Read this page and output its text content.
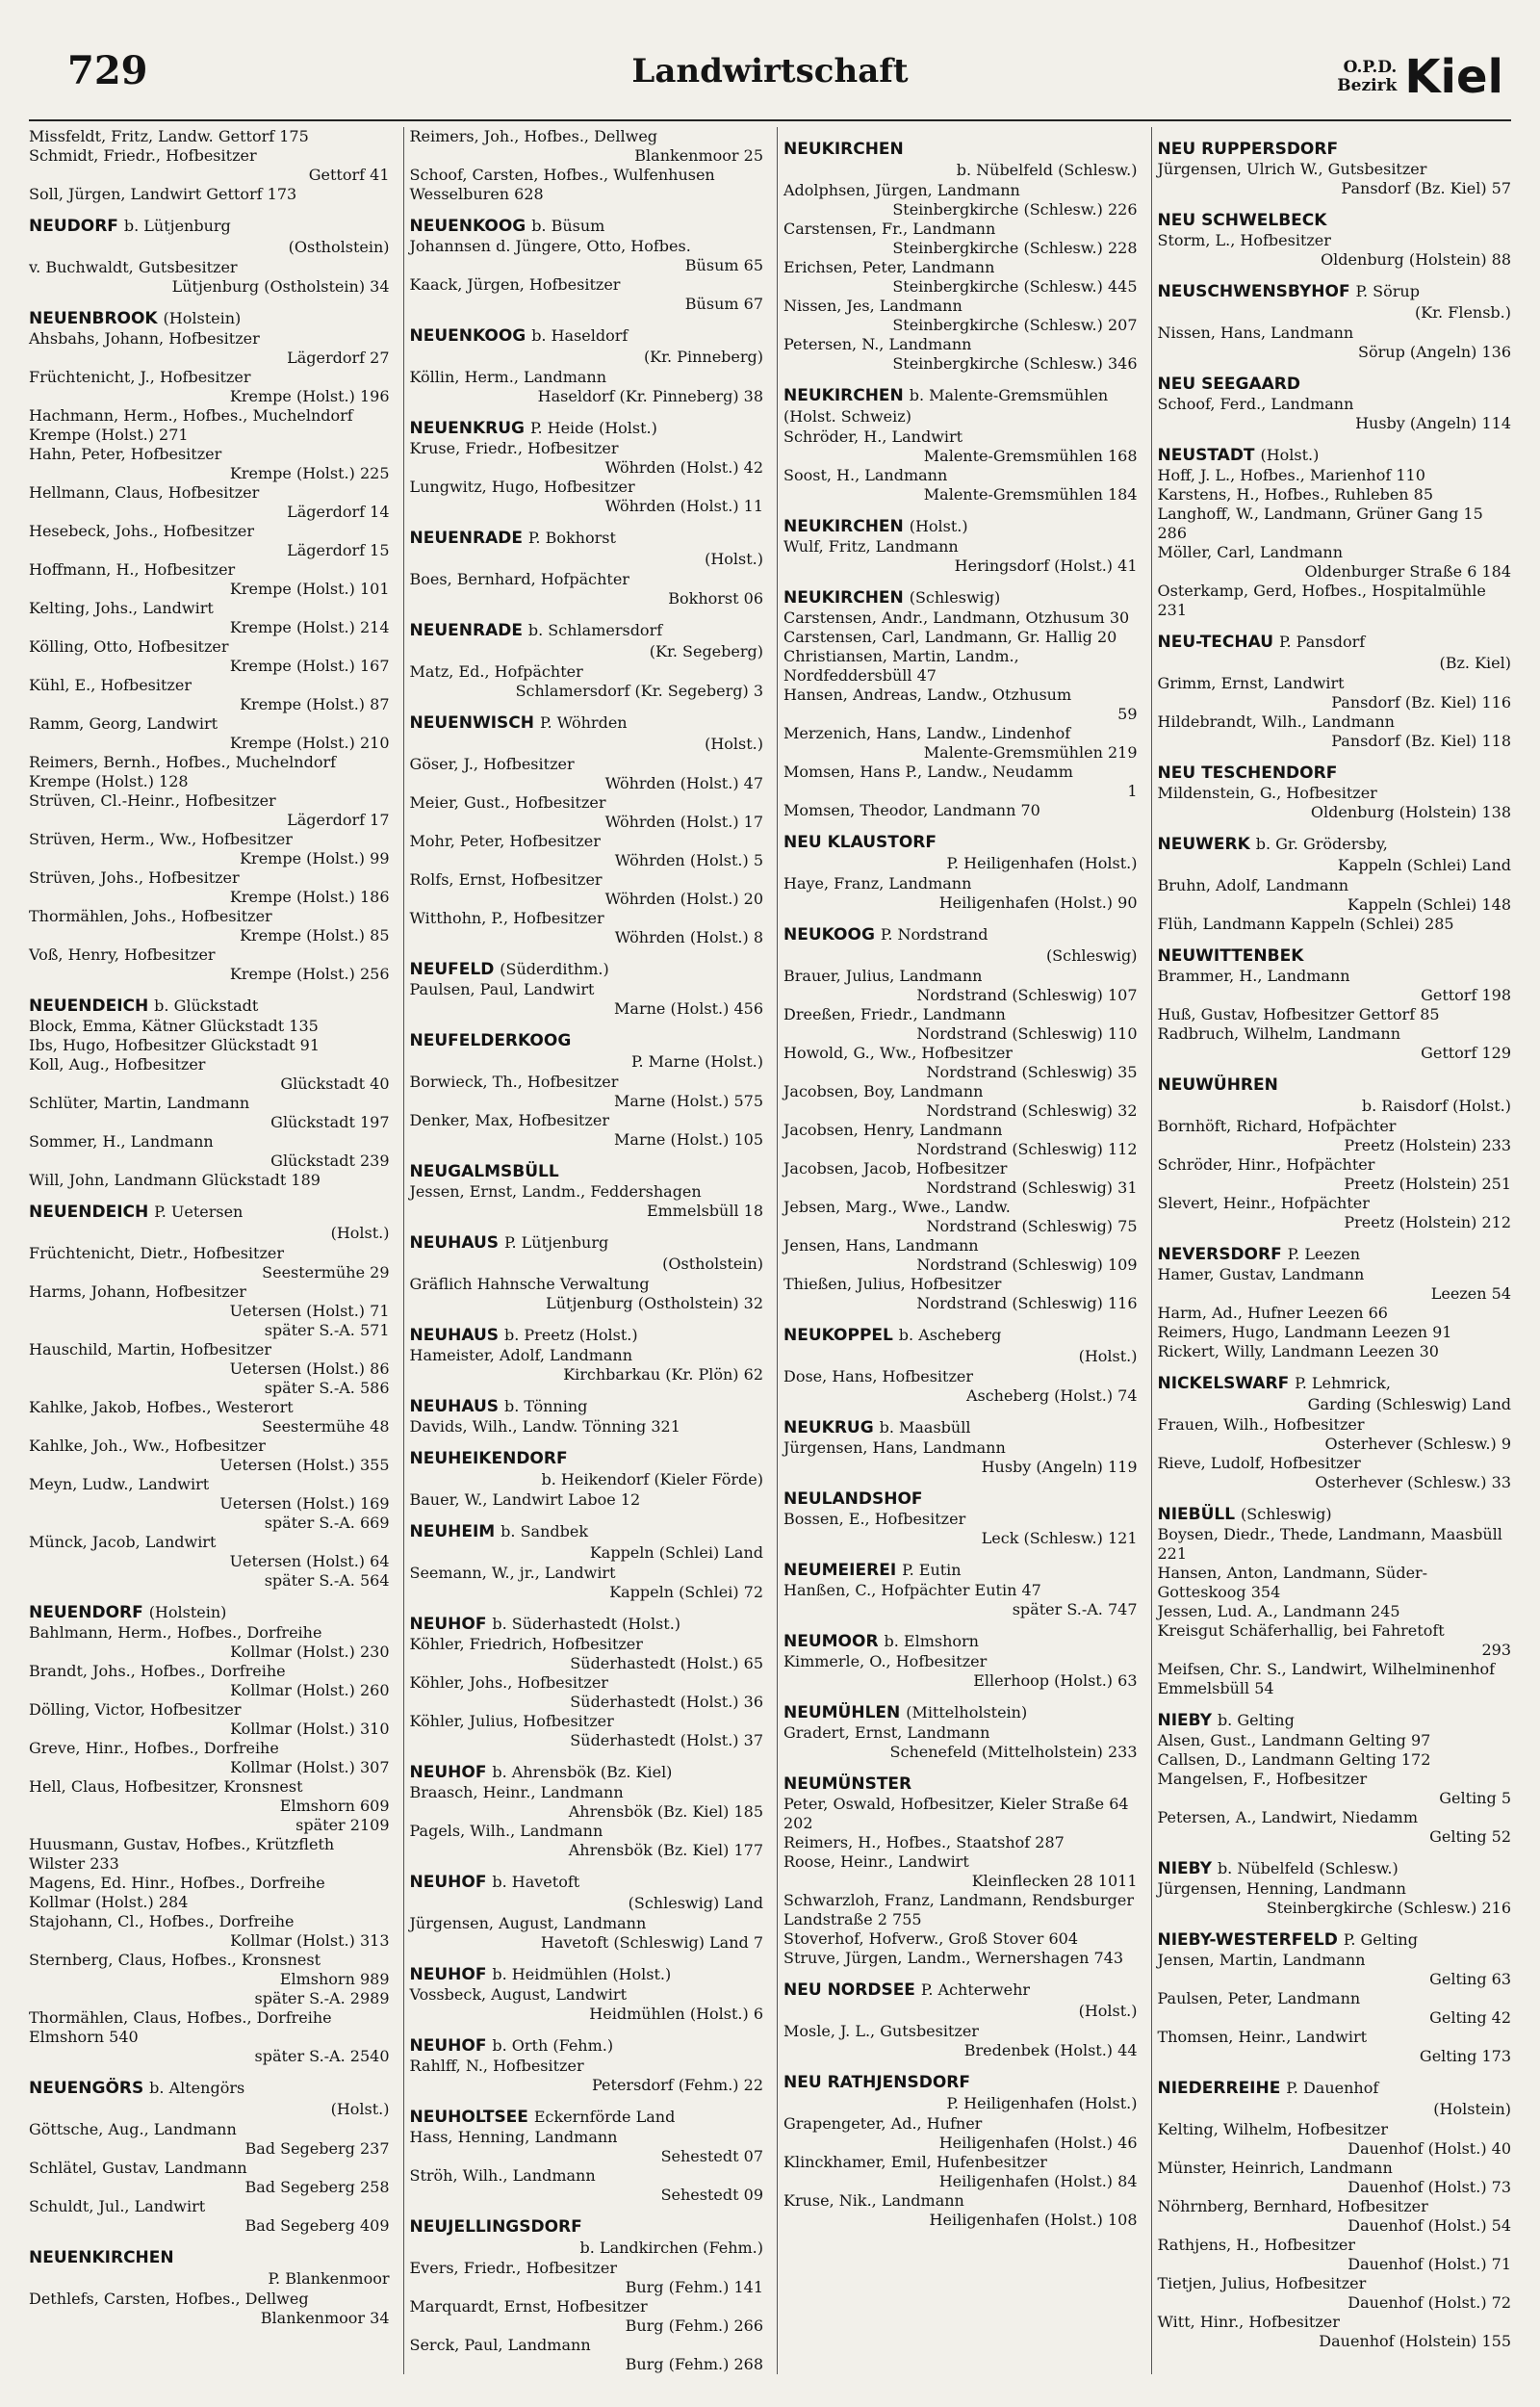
729	Landwirtschaft	O.P.D.
Bezirk Kiel
Missfeldt, Fritz, Landw. Gettorf 175
Schmidt, Friedr., Hofbesitzer
Gettorf 41
Soll, Jürgen, Landwirt Gettorf 173
NEUDORF b. Lütjenburg
(Ostholstein)
v. Buchwaldt, Gutsbesitzer
Lütjenburg (Ostholstein) 34
NEUENBROOK (Holstein)
Ahsbahs, Johann, Hofbesitzer
Lägerdorf 27
Früchtenicht, J., Hofbesitzer
Krempe (Holst.) 196
Hachmann, Herm., Hofbes., Muchelndorf Krempe (Holst.) 271
Hahn, Peter, Hofbesitzer
Krempe (Holst.) 225
Hellmann, Claus, Hofbesitzer
Lägerdorf 14
Hesebeck, Johs., Hofbesitzer
Lägerdorf 15
Hoffmann, H., Hofbesitzer
Krempe (Holst.) 101
Kelting, Johs., Landwirt
Krempe (Holst.) 214
Kölling, Otto, Hofbesitzer
Krempe (Holst.) 167
Kühl, E., Hofbesitzer
Krempe (Holst.) 87
Ramm, Georg, Landwirt
Krempe (Holst.) 210
Reimers, Bernh., Hofbes., Muchelndorf Krempe (Holst.) 128
Strüven, Cl.-Heinr., Hofbesitzer
Lägerdorf 17
Strüven, Herm., Ww., Hofbesitzer
Krempe (Holst.) 99
Strüven, Johs., Hofbesitzer
Krempe (Holst.) 186
Thormählen, Johs., Hofbesitzer
Krempe (Holst.) 85
Voß, Henry, Hofbesitzer
Krempe (Holst.) 256
NEUENDEICH b. Glückstadt
Block, Emma, Kätner Glückstadt 135
Ibs, Hugo, Hofbesitzer Glückstadt 91
Koll, Aug., Hofbesitzer
Glückstadt 40
Schlüter, Martin, Landmann
Glückstadt 197
Sommer, H., Landmann
Glückstadt 239
Will, John, Landmann Glückstadt 189
NEUENDEICH P. Uetersen
(Holst.)
Früchtenicht, Dietr., Hofbesitzer
Seestermühe 29
Harms, Johann, Hofbesitzer
Uetersen (Holst.) 71
später S.-A. 571
Hauschild, Martin, Hofbesitzer
Uetersen (Holst.) 86
später S.-A. 586
Kahlke, Jakob, Hofbes., Westerort
Seestermühe 48
Kahlke, Joh., Ww., Hofbesitzer
Uetersen (Holst.) 355
Meyn, Ludw., Landwirt
Uetersen (Holst.) 169
später S.-A. 669
Münck, Jacob, Landwirt
Uetersen (Holst.) 64
später S.-A. 564
NEUENDORF (Holstein)
Bahlmann, Herm., Hofbes., Dorfreihe
Kollmar (Holst.) 230
Brandt, Johs., Hofbes., Dorfreihe
Kollmar (Holst.) 260
Dölling, Victor, Hofbesitzer
Kollmar (Holst.) 310
Greve, Hinr., Hofbes., Dorfreihe
Kollmar (Holst.) 307
Hell, Claus, Hofbesitzer, Kronsnest
Elmshorn 609
später 2109
Huusmann, Gustav, Hofbes., Krützfleth Wilster 233
Magens, Ed. Hinr., Hofbes., Dorfreihe Kollmar (Holst.) 284
Stajohann, Cl., Hofbes., Dorfreihe
Kollmar (Holst.) 313
Sternberg, Claus, Hofbes., Kronsnest
Elmshorn 989
später S.-A. 2989
Thormählen, Claus, Hofbes., Dorfreihe Elmshorn 540
später S.-A. 2540
NEUENGÖRS b. Altengörs
(Holst.)
Göttsche, Aug., Landmann
Bad Segeberg 237
Schlätel, Gustav, Landmann
Bad Segeberg 258
Schuldt, Jul., Landwirt
Bad Segeberg 409
NEUENKIRCHEN
P. Blankenmoor
Dethlefs, Carsten, Hofbes., Dellweg
Blankenmoor 34
Reimers, Joh., Hofbes., Dellweg
Blankenmoor 25
Schoof, Carsten, Hofbes., Wulfenhusen Wesselburen 628
NEUENKOOG b. Büsum
Johannsen d. Jüngere, Otto, Hofbes.
Büsum 65
Kaack, Jürgen, Hofbesitzer
Büsum 67
NEUENKOOG b. Haseldorf
(Kr. Pinneberg)
Köllin, Herm., Landmann
Haseldorf (Kr. Pinneberg) 38
NEUENKRUG P. Heide (Holst.)
Kruse, Friedr., Hofbesitzer
Wöhrden (Holst.) 42
Lungwitz, Hugo, Hofbesitzer
Wöhrden (Holst.) 11
NEUENRADE P. Bokhorst
(Holst.)
Boes, Bernhard, Hofpächter
Bokhorst 06
NEUENRADE b. Schlamersdorf
(Kr. Segeberg)
Matz, Ed., Hofpächter
Schlamersdorf (Kr. Segeberg) 3
NEUENWISCH P. Wöhrden
(Holst.)
Göser, J., Hofbesitzer
Wöhrden (Holst.) 47
Meier, Gust., Hofbesitzer
Wöhrden (Holst.) 17
Mohr, Peter, Hofbesitzer
Wöhrden (Holst.) 5
Rolfs, Ernst, Hofbesitzer
Wöhrden (Holst.) 20
Witthohn, P., Hofbesitzer
Wöhrden (Holst.) 8
NEUFELD (Süderdithm.)
Paulsen, Paul, Landwirt
Marne (Holst.) 456
NEUFELDERKOOG
P. Marne (Holst.)
Borwieck, Th., Hofbesitzer
Marne (Holst.) 575
Denker, Max, Hofbesitzer
Marne (Holst.) 105
NEUGALMSBÜLL
Jessen, Ernst, Landm., Feddershagen
Emmelsbüll 18
NEUHAUS P. Lütjenburg
(Ostholstein)
Gräflich Hahnsche Verwaltung
Lütjenburg (Ostholstein) 32
NEUHAUS b. Preetz (Holst.)
Hameister, Adolf, Landmann
Kirchbarkau (Kr. Plön) 62
NEUHAUS b. Tönning
Davids, Wilh., Landw. Tönning 321
NEUHEIKENDORF
b. Heikendorf (Kieler Förde)
Bauer, W., Landwirt Laboe 12
NEUHEIM b. Sandbek
Kappeln (Schlei) Land
Seemann, W., jr., Landwirt
Kappeln (Schlei) 72
NEUHOF b. Süderhastedt (Holst.)
Köhler, Friedrich, Hofbesitzer
Süderhastedt (Holst.) 65
Köhler, Johs., Hofbesitzer
Süderhastedt (Holst.) 36
Köhler, Julius, Hofbesitzer
Süderhastedt (Holst.) 37
NEUHOF b. Ahrensbök (Bz. Kiel)
Braasch, Heinr., Landmann
Ahrensbök (Bz. Kiel) 185
Pagels, Wilh., Landmann
Ahrensbök (Bz. Kiel) 177
NEUHOF b. Havetoft
(Schleswig) Land
Jürgensen, August, Landmann
Havetoft (Schleswig) Land 7
NEUHOF b. Heidmühlen (Holst.)
Vossbeck, August, Landwirt
Heidmühlen (Holst.) 6
NEUHOF b. Orth (Fehm.)
Rahlff, N., Hofbesitzer
Petersdorf (Fehm.) 22
NEUHOLTSEE Eckernförde Land
Hass, Henning, Landmann
Sehestedt 07
Ströh, Wilh., Landmann
Sehestedt 09
NEUJELLINGSDORF
b. Landkirchen (Fehm.)
Evers, Friedr., Hofbesitzer
Burg (Fehm.) 141
Marquardt, Ernst, Hofbesitzer
Burg (Fehm.) 266
Serck, Paul, Landmann
Burg (Fehm.) 268
NEUKIRCHEN
b. Nübelfeld (Schlesw.)
Adolphsen, Jürgen, Landmann
Steinbergkirche (Schlesw.) 226
Carstensen, Fr., Landmann
Steinbergkirche (Schlesw.) 228
Erichsen, Peter, Landmann
Steinbergkirche (Schlesw.) 445
Nissen, Jes, Landmann
Steinbergkirche (Schlesw.) 207
Petersen, N., Landmann
Steinbergkirche (Schlesw.) 346
NEUKIRCHEN b. Malente-Gremsmühlen (Holst. Schweiz)
Schröder, H., Landwirt
Malente-Gremsmühlen 168
Soost, H., Landmann
Malente-Gremsmühlen 184
NEUKIRCHEN (Holst.)
Wulf, Fritz, Landmann
Heringsdorf (Holst.) 41
NEUKIRCHEN (Schleswig)
Carstensen, Andr., Landmann, Otzhusum 30
Carstensen, Carl, Landmann, Gr. Hallig 20
Christiansen, Martin, Landm., Nordfeddersbüll 47
Hansen, Andreas, Landw., Otzhusum
59
Merzenich, Hans, Landw., Lindenhof
Malente-Gremsmühlen 219
Momsen, Hans P., Landw., Neudamm
1
Momsen, Theodor, Landmann 70
NEU KLAUSTORF
P. Heiligenhafen (Holst.)
Haye, Franz, Landmann
Heiligenhafen (Holst.) 90
NEUKOOG P. Nordstrand
(Schleswig)
Brauer, Julius, Landmann
Nordstrand (Schleswig) 107
Dreeßen, Friedr., Landmann
Nordstrand (Schleswig) 110
Howold, G., Ww., Hofbesitzer
Nordstrand (Schleswig) 35
Jacobsen, Boy, Landmann
Nordstrand (Schleswig) 32
Jacobsen, Henry, Landmann
Nordstrand (Schleswig) 112
Jacobsen, Jacob, Hofbesitzer
Nordstrand (Schleswig) 31
Jebsen, Marg., Wwe., Landw.
Nordstrand (Schleswig) 75
Jensen, Hans, Landmann
Nordstrand (Schleswig) 109
Thießen, Julius, Hofbesitzer
Nordstrand (Schleswig) 116
NEUKOPPEL b. Ascheberg
(Holst.)
Dose, Hans, Hofbesitzer
Ascheberg (Holst.) 74
NEUKRUG b. Maasbüll
Jürgensen, Hans, Landmann
Husby (Angeln) 119
NEULANDSHOF
Bossen, E., Hofbesitzer
Leck (Schlesw.) 121
NEUMEIEREI P. Eutin
Hanßen, C., Hofpächter Eutin 47
später S.-A. 747
NEUMOOR b. Elmshorn
Kimmerle, O., Hofbesitzer
Ellerhoop (Holst.) 63
NEUMÜHLEN (Mittelholstein)
Gradert, Ernst, Landmann
Schenefeld (Mittelholstein) 233
NEUMÜNSTER
Peter, Oswald, Hofbesitzer, Kieler Straße 64 202
Reimers, H., Hofbes., Staatshof 287
Roose, Heinr., Landwirt
Kleinflecken 28 1011
Schwarzloh, Franz, Landmann, Rendsburger Landstraße 2 755
Stoverhof, Hofverw., Groß Stover 604
Struve, Jürgen, Landm., Wernershagen 743
NEU NORDSEE P. Achterwehr
(Holst.)
Mosle, J. L., Gutsbesitzer
Bredenbek (Holst.) 44
NEU RATHJENSDORF
P. Heiligenhafen (Holst.)
Grapengeter, Ad., Hufner
Heiligenhafen (Holst.) 46
Klinckhamer, Emil, Hufenbesitzer
Heiligenhafen (Holst.) 84
Kruse, Nik., Landmann
Heiligenhafen (Holst.) 108
NEU RUPPERSDORF
Jürgensen, Ulrich W., Gutsbesitzer
Pansdorf (Bz. Kiel) 57
NEU SCHWELBECK
Storm, L., Hofbesitzer
Oldenburg (Holstein) 88
NEUSCHWENSBYHOF P. Sörup
(Kr. Flensb.)
Nissen, Hans, Landmann
Sörup (Angeln) 136
NEU SEEGAARD
Schoof, Ferd., Landmann
Husby (Angeln) 114
NEUSTADT (Holst.)
Hoff, J. L., Hofbes., Marienhof 110
Karstens, H., Hofbes., Ruhleben 85
Langhoff, W., Landmann, Grüner Gang 15 286
Möller, Carl, Landmann
Oldenburger Straße 6 184
Osterkamp, Gerd, Hofbes., Hospitalmühle 231
NEU-TECHAU P. Pansdorf
(Bz. Kiel)
Grimm, Ernst, Landwirt
Pansdorf (Bz. Kiel) 116
Hildebrandt, Wilh., Landmann
Pansdorf (Bz. Kiel) 118
NEU TESCHENDORF
Mildenstein, G., Hofbesitzer
Oldenburg (Holstein) 138
NEUWERK b. Gr. Grödersby,
Kappeln (Schlei) Land
Bruhn, Adolf, Landmann
Kappeln (Schlei) 148
Flüh, Landmann Kappeln (Schlei) 285
NEUWITTENBEK
Brammer, H., Landmann
Gettorf 198
Huß, Gustav, Hofbesitzer Gettorf 85
Radbruch, Wilhelm, Landmann
Gettorf 129
NEUWÜHREN
b. Raisdorf (Holst.)
Bornhöft, Richard, Hofpächter
Preetz (Holstein) 233
Schröder, Hinr., Hofpächter
Preetz (Holstein) 251
Slevert, Heinr., Hofpächter
Preetz (Holstein) 212
NEVERSDORF P. Leezen
Hamer, Gustav, Landmann
Leezen 54
Harm, Ad., Hufner Leezen 66
Reimers, Hugo, Landmann Leezen 91
Rickert, Willy, Landmann Leezen 30
NICKELSWARF P. Lehmrick,
Garding (Schleswig) Land
Frauen, Wilh., Hofbesitzer
Osterhever (Schlesw.) 9
Rieve, Ludolf, Hofbesitzer
Osterhever (Schlesw.) 33
NIEBÜLL (Schleswig)
Boysen, Diedr., Thede, Landmann, Maasbüll 221
Hansen, Anton, Landmann, Süder-Gotteskoog 354
Jessen, Lud. A., Landmann 245
Kreisgut Schäferhallig, bei Fahretoft
293
Meifsen, Chr. S., Landwirt, Wilhelminenhof Emmelsbüll 54
NIEBY b. Gelting
Alsen, Gust., Landmann Gelting 97
Callsen, D., Landmann Gelting 172
Mangelsen, F., Hofbesitzer
Gelting 5
Petersen, A., Landwirt, Niedamm
Gelting 52
NIEBY b. Nübelfeld (Schlesw.)
Jürgensen, Henning, Landmann
Steinbergkirche (Schlesw.) 216
NIEBY-WESTERFELD P. Gelting
Jensen, Martin, Landmann
Gelting 63
Paulsen, Peter, Landmann
Gelting 42
Thomsen, Heinr., Landwirt
Gelting 173
NIEDERREIHE P. Dauenhof
(Holstein)
Kelting, Wilhelm, Hofbesitzer
Dauenhof (Holst.) 40
Münster, Heinrich, Landmann
Dauenhof (Holst.) 73
Nöhrnberg, Bernhard, Hofbesitzer
Dauenhof (Holst.) 54
Rathjens, H., Hofbesitzer
Dauenhof (Holst.) 71
Tietjen, Julius, Hofbesitzer
Dauenhof (Holst.) 72
Witt, Hinr., Hofbesitzer
Dauenhof (Holstein) 155
